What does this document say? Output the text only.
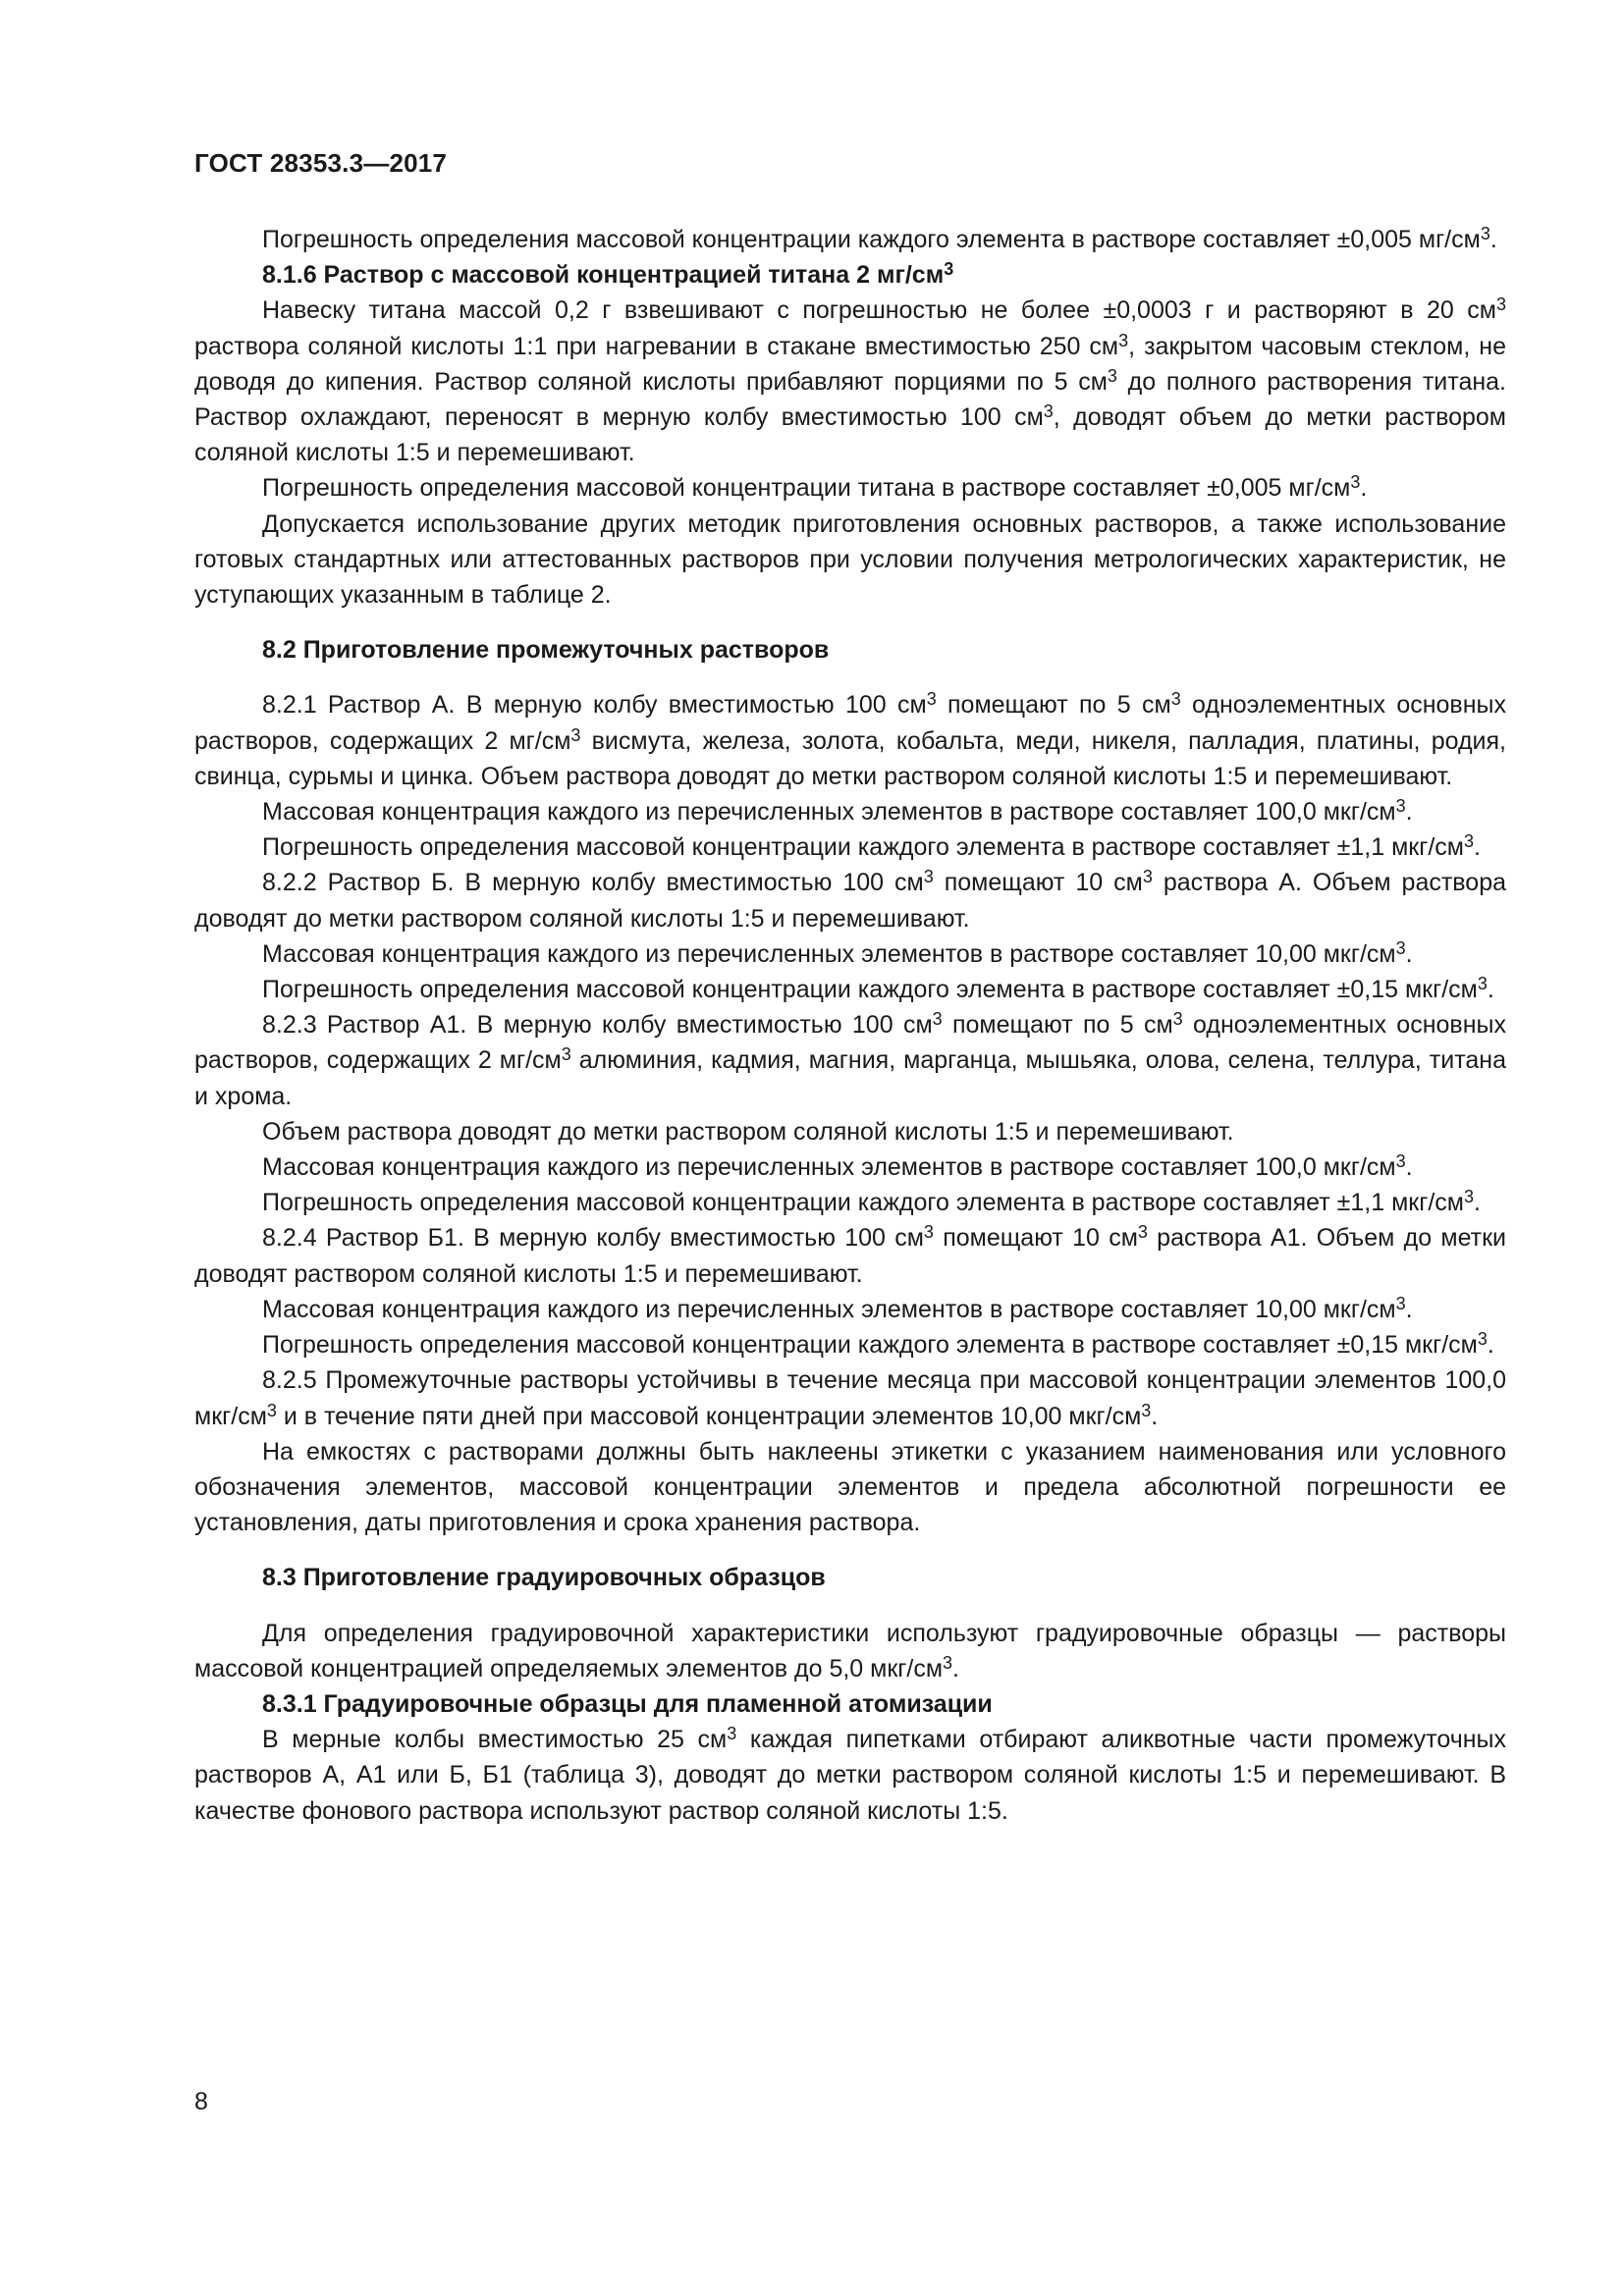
ГОСТ 28353.3—2017

Погрешность определения массовой концентрации каждого элемента в растворе составляет ±0,005 $мг/см^3$.

8.1.6 Раствор с массовой концентрацией титана 2 $мг/см^3$

Навеску титана массой 0,2 г взвешивают с погрешностью не более ±0,0003 г и растворяют в 20 $см^3$ раствора соляной кислоты 1:1 при нагревании в стакане вместимостью 250 $см^3$, закрытом часовым стеклом, не доводя до кипения. Раствор соляной кислоты прибавляют порциями по 5 $см^3$ до полного растворения титана. Раствор охлаждают, переносят в мерную колбу вместимостью 100 $см^3$, доводят объем до метки раствором соляной кислоты 1:5 и перемешивают.

Погрешность определения массовой концентрации титана в растворе составляет ±0,005 $мг/см^3$.

Допускается использование других методик приготовления основных растворов, а также использование готовых стандартных или аттестованных растворов при условии получения метрологических характеристик, не уступающих указанным в таблице 2.

8.2 Приготовление промежуточных растворов

8.2.1 Раствор А. В мерную колбу вместимостью 100 $см^3$ помещают по 5 $см^3$ одноэлементных основных растворов, содержащих 2 $мг/см^3$ висмута, железа, золота, кобальта, меди, никеля, палладия, платины, родия, свинца, сурьмы и цинка. Объем раствора доводят до метки раствором соляной кислоты 1:5 и перемешивают.

Массовая концентрация каждого из перечисленных элементов в растворе составляет 100,0 мкг/$см^3$.

Погрешность определения массовой концентрации каждого элемента в растворе составляет ±1,1 мкг/$см^3$.

8.2.2 Раствор Б. В мерную колбу вместимостью 100 $см^3$ помещают 10 $см^3$ раствора А. Объем раствора доводят до метки раствором соляной кислоты 1:5 и перемешивают.

Массовая концентрация каждого из перечисленных элементов в растворе составляет 10,00 мкг/$см^3$.

Погрешность определения массовой концентрации каждого элемента в растворе составляет ±0,15 мкг/$см^3$.

8.2.3 Раствор А1. В мерную колбу вместимостью 100 $см^3$ помещают по 5 $см^3$ одноэлементных основных растворов, содержащих 2 $мг/см^3$ алюминия, кадмия, магния, марганца, мышьяка, олова, селена, теллура, титана и хрома.

Объем раствора доводят до метки раствором соляной кислоты 1:5 и перемешивают.

Массовая концентрация каждого из перечисленных элементов в растворе составляет 100,0 мкг/$см^3$.

Погрешность определения массовой концентрации каждого элемента в растворе составляет ±1,1 мкг/$см^3$.

8.2.4 Раствор Б1. В мерную колбу вместимостью 100 $см^3$ помещают 10 $см^3$ раствора А1. Объем до метки доводят раствором соляной кислоты 1:5 и перемешивают.

Массовая концентрация каждого из перечисленных элементов в растворе составляет 10,00 мкг/$см^3$.

Погрешность определения массовой концентрации каждого элемента в растворе составляет ±0,15 мкг/$см^3$.

8.2.5 Промежуточные растворы устойчивы в течение месяца при массовой концентрации элементов 100,0 мкг/$см^3$ и в течение пяти дней при массовой концентрации элементов 10,00 мкг/$см^3$.

На емкостях с растворами должны быть наклеены этикетки с указанием наименования или условного обозначения элементов, массовой концентрации элементов и предела абсолютной погрешности ее установления, даты приготовления и срока хранения раствора.

8.3 Приготовление градуировочных образцов

Для определения градуировочной характеристики используют градуировочные образцы — растворы массовой концентрацией определяемых элементов до 5,0 мкг/$см^3$.

8.3.1 Градуировочные образцы для пламенной атомизации

В мерные колбы вместимостью 25 $см^3$ каждая пипетками отбирают аликвотные части промежуточных растворов А, А1 или Б, Б1 (таблица 3), доводят до метки раствором соляной кислоты 1:5 и перемешивают. В качестве фонового раствора используют раствор соляной кислоты 1:5.

8
